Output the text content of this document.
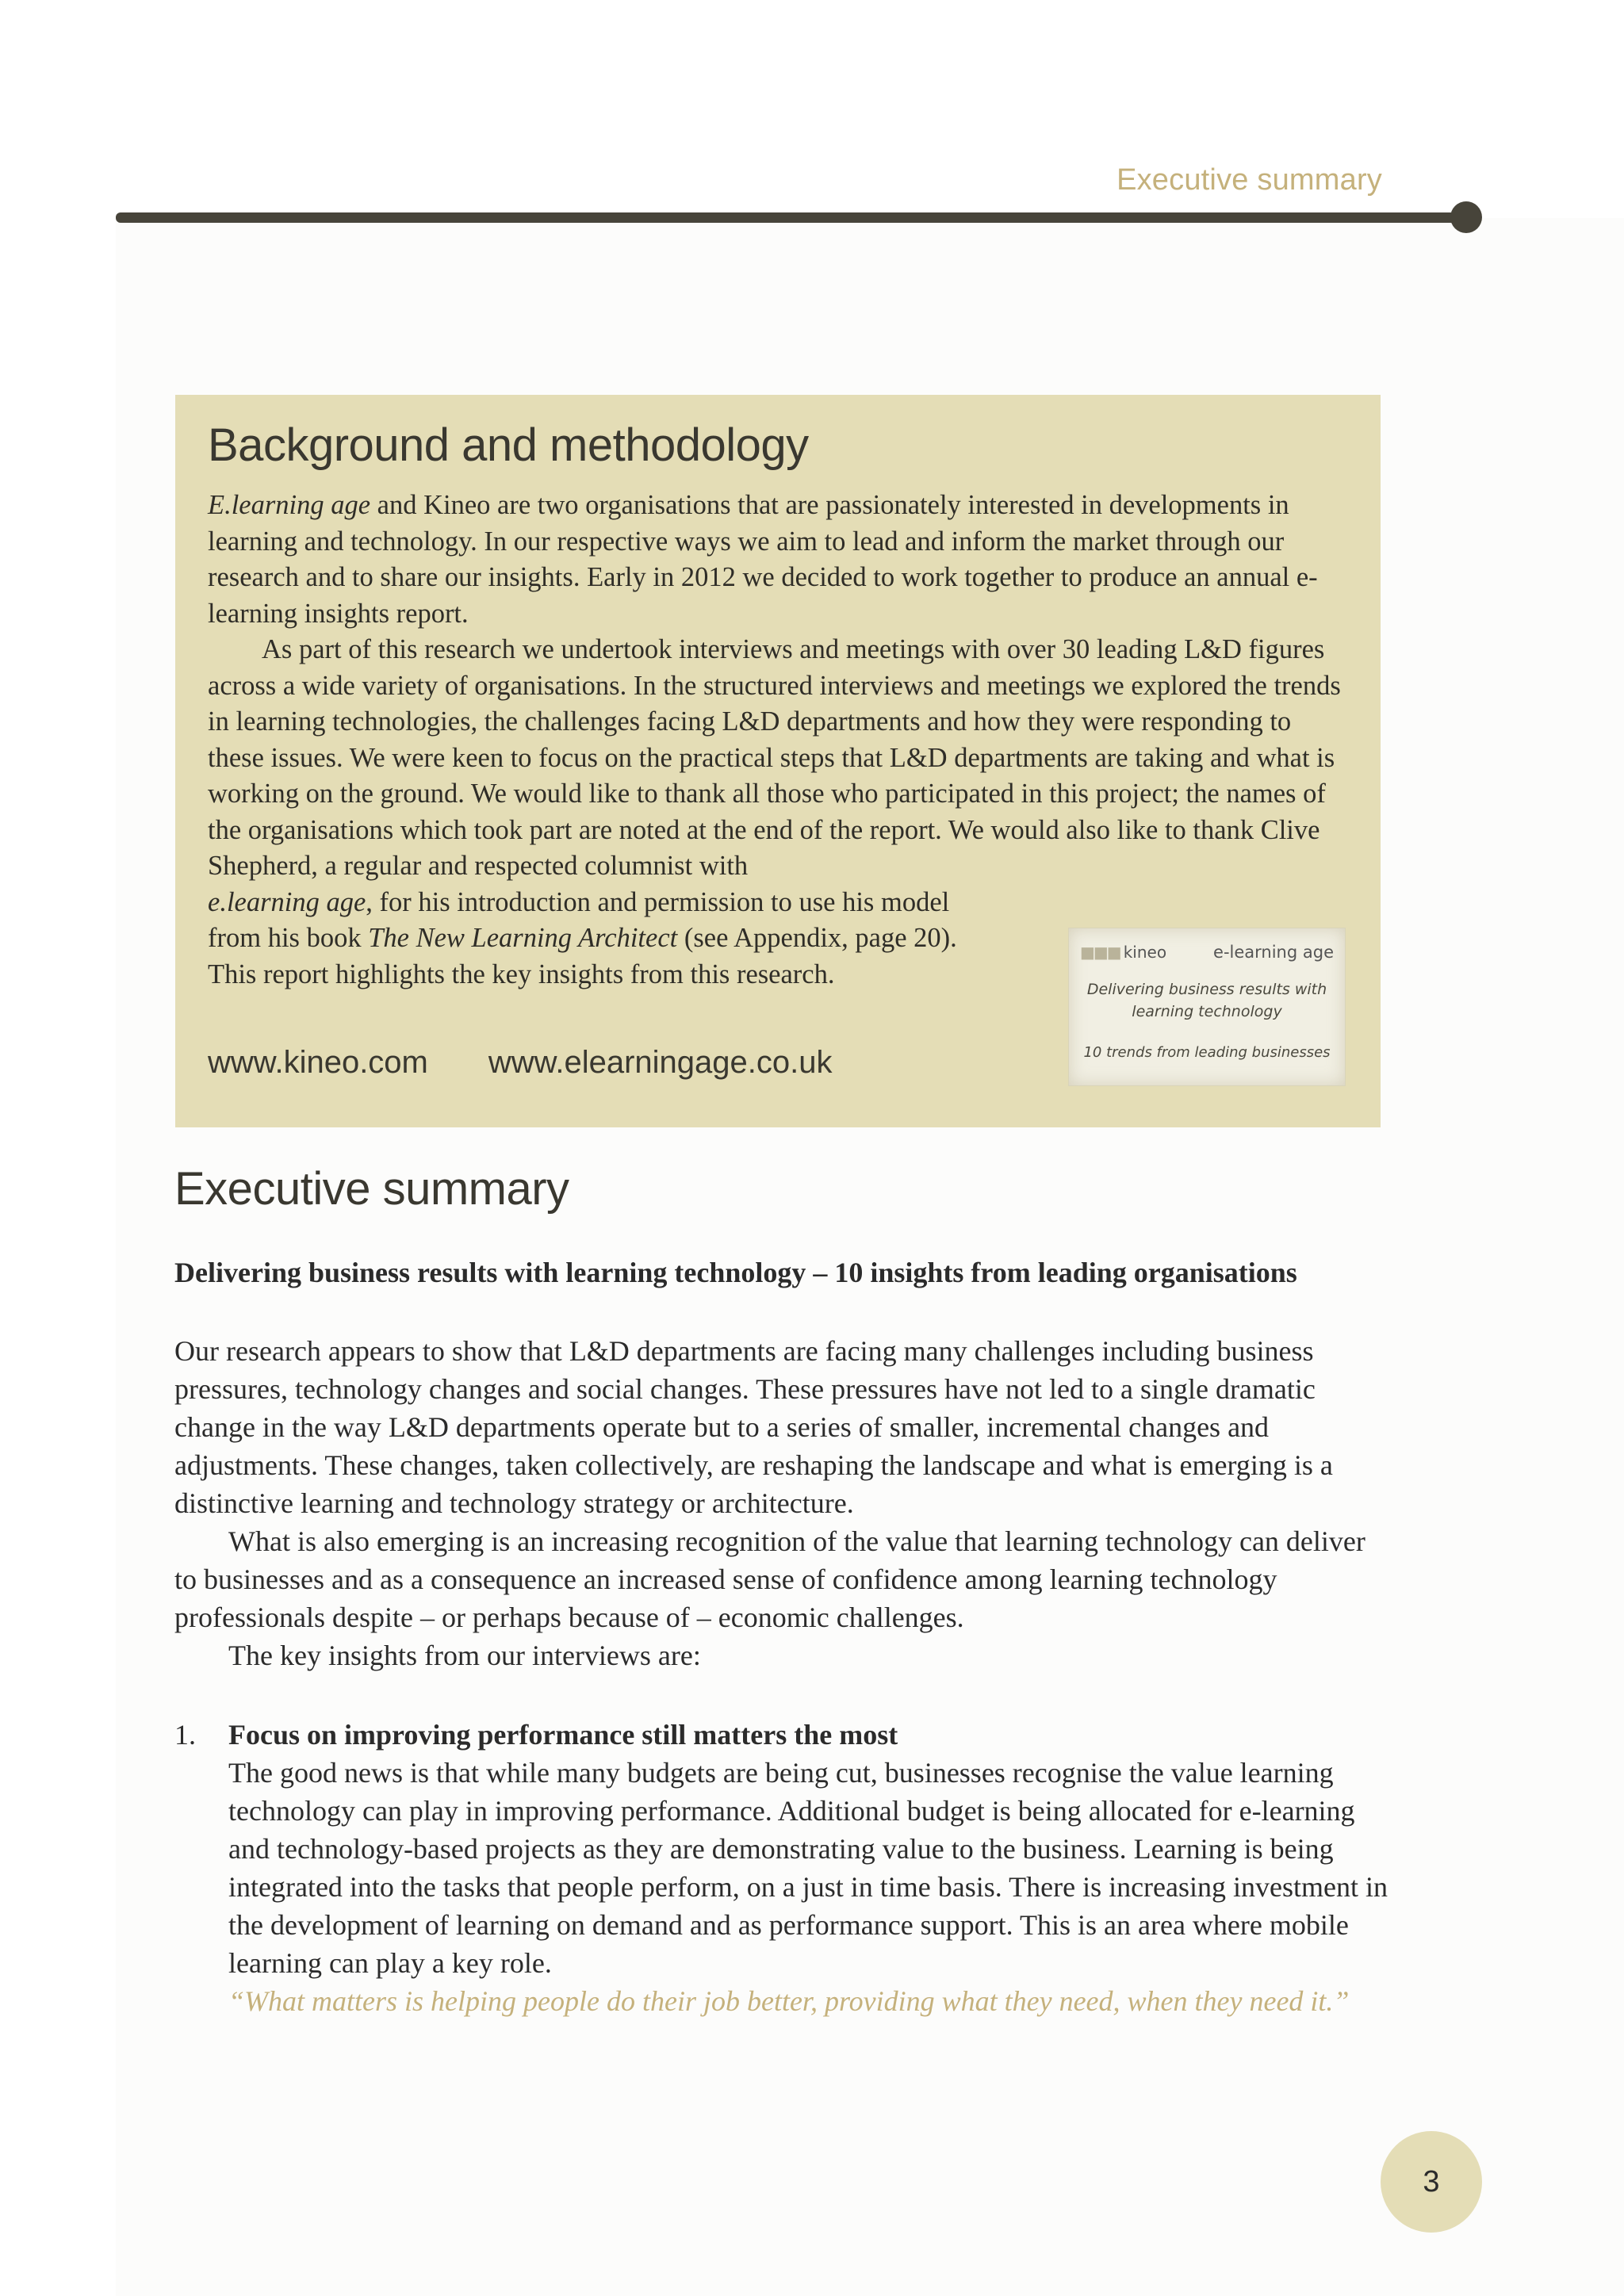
Executive summary
Background and methodology

E.learning age and Kineo are two organisations that are passionately interested in developments in learning and technology. In our respective ways we aim to lead and inform the market through our research and to share our insights. Early in 2012 we decided to work together to produce an annual e-learning insights report.

As part of this research we undertook interviews and meetings with over 30 leading L&D figures across a wide variety of organisations. In the structured interviews and meetings we explored the trends in learning technologies, the challenges facing L&D departments and how they were responding to these issues. We were keen to focus on the practical steps that L&D departments are taking and what is working on the ground. We would like to thank all those who participated in this project; the names of the organisations which took part are noted at the end of the report. We would also like to thank Clive Shepherd, a regular and respected columnist with
e.learning age, for his introduction and permission to use his model
from his book The New Learning Architect (see Appendix, page 20).
This report highlights the key insights from this research.

www.kineo.com www.elearningage.co.uk
■■■ kineo	e-learning age
Delivering business results with
learning technology
10 trends from leading businesses
Executive summary
Delivering business results with learning technology – 10 insights from leading organisations

Our research appears to show that L&D departments are facing many challenges including business pressures, technology changes and social changes. These pressures have not led to a single dramatic change in the way L&D departments operate but to a series of smaller, incremental changes and adjustments. These changes, taken collectively, are reshaping the landscape and what is emerging is a distinctive learning and technology strategy or architecture.

What is also emerging is an increasing recognition of the value that learning technology can deliver to businesses and as a consequence an increased sense of confidence among learning technology professionals despite – or perhaps because of – economic challenges.

The key insights from our interviews are:

1. Focus on improving performance still matters the most
The good news is that while many budgets are being cut, businesses recognise the value learning technology can play in improving performance. Additional budget is being allocated for e-learning and technology-based projects as they are demonstrating value to the business. Learning is being integrated into the tasks that people perform, on a just in time basis. There is increasing investment in the development of learning on demand and as performance support. This is an area where mobile learning can play a key role.
“What matters is helping people do their job better, providing what they need, when they need it.”
3
